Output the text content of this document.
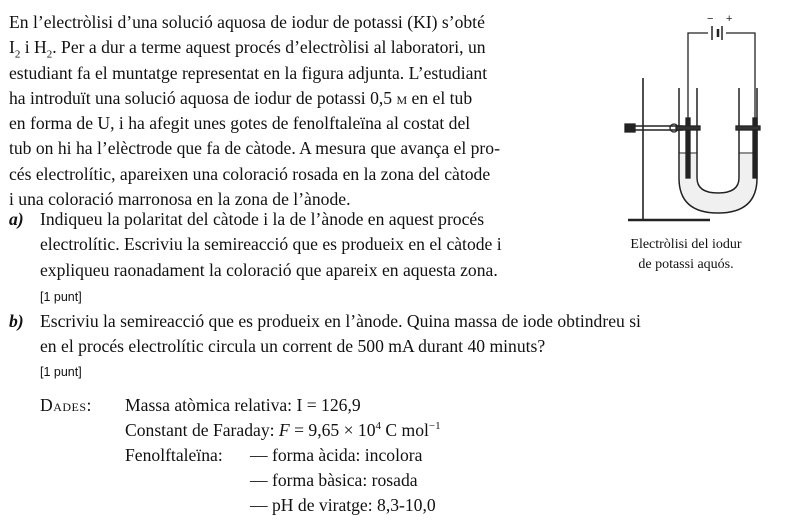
En l’electròlisi d’una solució aquosa de iodur de potassi (KI) s’obté
$I_2$ i $H_2$. Per a dur a terme aquest procés d’electròlisi al laboratori, un
estudiant fa el muntatge representat en la figura adjunta. L’estudiant
ha introduït una solució aquosa de iodur de potassi 0,5 m en el tub
en forma de U, i ha afegit unes gotes de fenolftaleïna al costat del
tub on hi ha l’elèctrode que fa de càtode. A mesura que avança el pro-
cés electrolític, apareixen una coloració rosada en la zona del càtode
i una coloració marronosa en la zona de l’ànode.
a) Indiqueu la polaritat del càtode i la de l’ànode en aquest procés
electrolític. Escriviu la semireacció que es produeix en el càtode i
expliqueu raonadament la coloració que apareix en aquesta zona.
[1 punt]
b) Escriviu la semireacció que es produeix en l’ànode. Quina massa de iode obtindreu si
en el procés electrolític circula un corrent de 500 mA durant 40 minuts?
[1 punt]
− +
Electròlisi del iodur
de potassi aquós.
Dades: Massa atòmica relativa: I = 126,9
Constant de Faraday: $F = 9,65 \times 10^4$ C mol$^{-1}$
Fenolftaleïna: — forma àcida: incolora
— forma bàsica: rosada
— pH de viratge: 8,3-10,0
